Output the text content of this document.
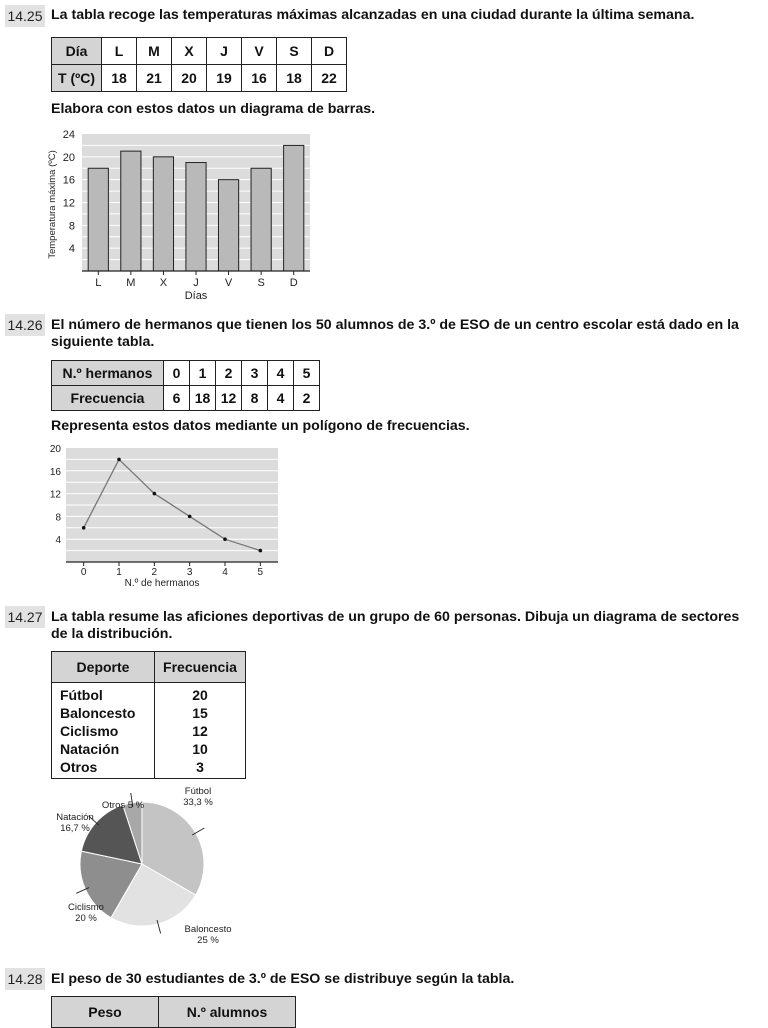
14.25 La tabla recoge las temperaturas máximas alcanzadas en una ciudad durante la última semana.
Día	L	M	X	J	V	S	D
T (ºC)	18	21	20	19	16	18	22
Elabora con estos datos un diagrama de barras.
4
8
12
16
20
24
L M X J V S D
Días
Temperatura máxima (ºC)
14.26 El número de hermanos que tienen los 50 alumnos de 3.º de ESO de un centro escolar está dado en la siguiente tabla.
N.º hermanos	0	1	2	3	4	5
Frecuencia	6	18	12	8	4	2
Representa estos datos mediante un polígono de frecuencias.
4
8
12
16
20
0	1	2	3	4	5
N.º de hermanos
14.27 La tabla resume las aficiones deportivas de un grupo de 60 personas. Dibuja un diagrama de sectores de la distribución.
Deporte	Frecuencia
Fútbol	20
Baloncesto	15
Ciclismo	12
Natación	10
Otros	3
Fútbol
33,3 %
Baloncesto
25 %
Ciclismo
20 %
Natación
16,7 %
Otros 5 %
14.28 El peso de 30 estudiantes de 3.º de ESO se distribuye según la tabla.
Peso	N.º alumnos
